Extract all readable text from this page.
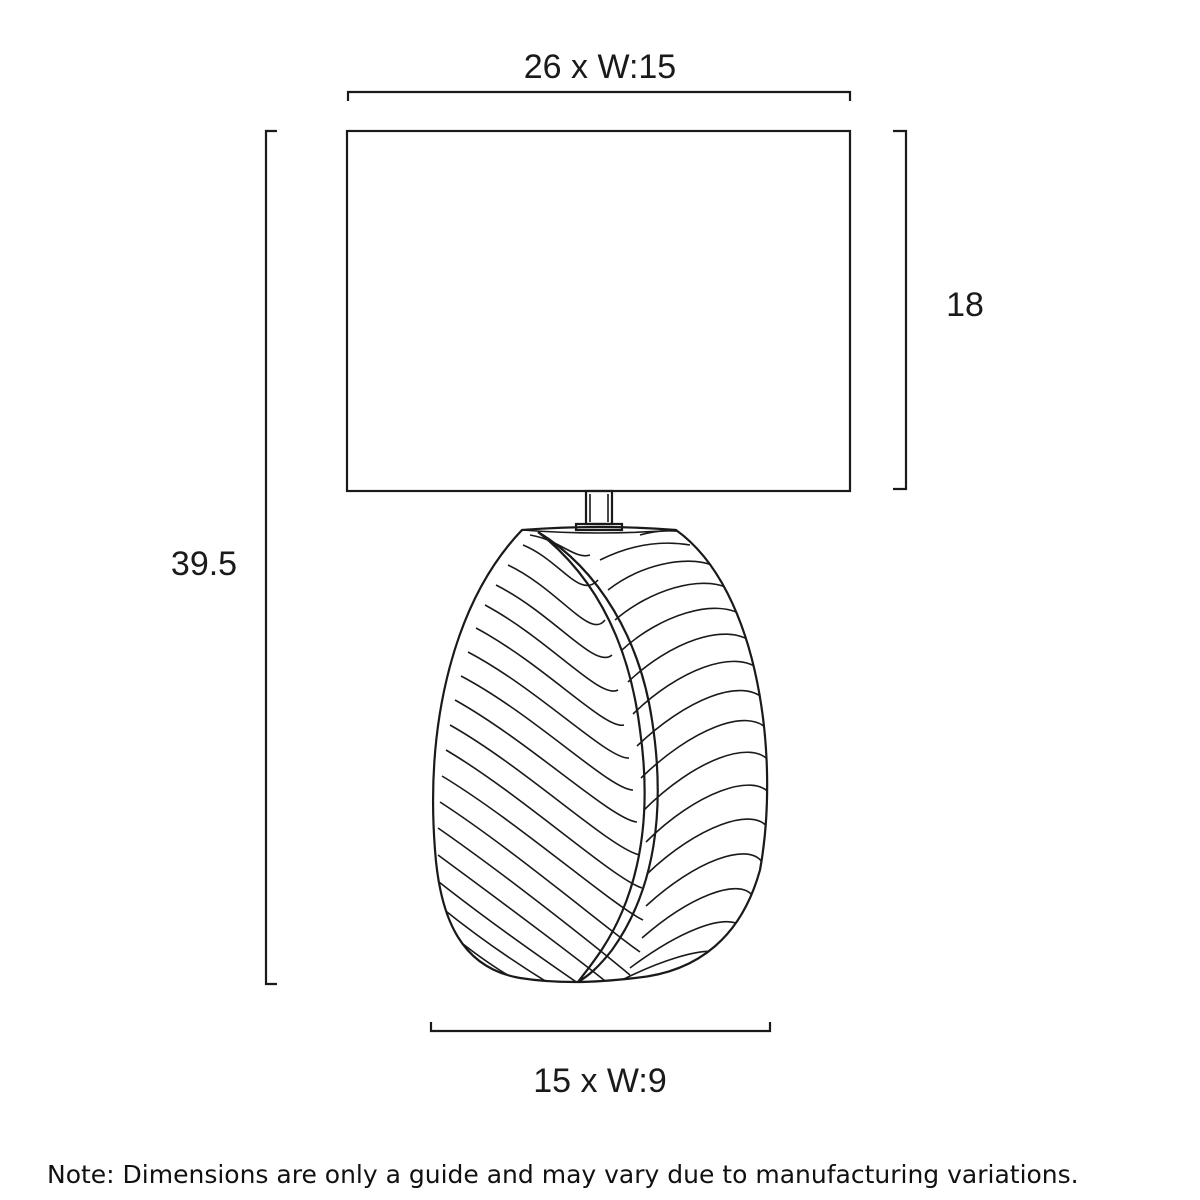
26 x W:15
18
39.5
15 x W:9
Note: Dimensions are only a guide and may vary due to manufacturing variations.
